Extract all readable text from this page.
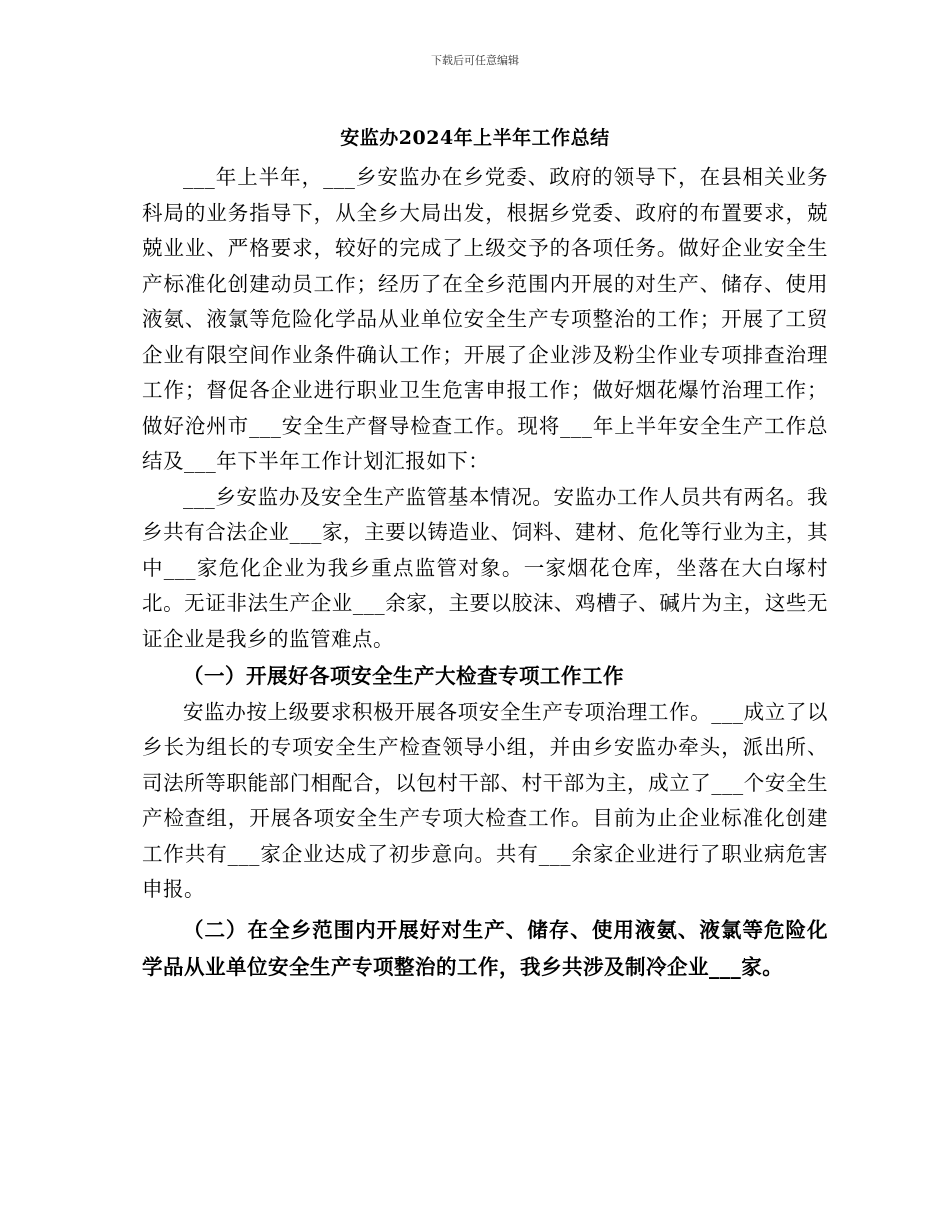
下载后可任意编辑
安监办2024年上半年工作总结

___年上半年，___乡安监办在乡党委、政府的领导下，在县相关业务科局的业务指导下，从全乡大局出发，根据乡党委、政府的布置要求，兢兢业业、严格要求，较好的完成了上级交予的各项任务。做好企业安全生产标准化创建动员工作；经历了在全乡范围内开展的对生产、储存、使用液氨、液氯等危险化学品从业单位安全生产专项整治的工作；开展了工贸企业有限空间作业条件确认工作；开展了企业涉及粉尘作业专项排查治理工作；督促各企业进行职业卫生危害申报工作；做好烟花爆竹治理工作；做好沧州市___安全生产督导检查工作。现将___年上半年安全生产工作总结及___年下半年工作计划汇报如下：

___乡安监办及安全生产监管基本情况。安监办工作人员共有两名。我乡共有合法企业___家，主要以铸造业、饲料、建材、危化等行业为主，其中___家危化企业为我乡重点监管对象。一家烟花仓库，坐落在大白塚村北。无证非法生产企业___余家，主要以胶沫、鸡槽子、碱片为主，这些无证企业是我乡的监管难点。

（一）开展好各项安全生产大检查专项工作工作

安监办按上级要求积极开展各项安全生产专项治理工作。___成立了以乡长为组长的专项安全生产检查领导小组，并由乡安监办牵头，派出所、司法所等职能部门相配合，以包村干部、村干部为主，成立了___个安全生产检查组，开展各项安全生产专项大检查工作。目前为止企业标准化创建工作共有___家企业达成了初步意向。共有___余家企业进行了职业病危害申报。

（二）在全乡范围内开展好对生产、储存、使用液氨、液氯等危险化学品从业单位安全生产专项整治的工作，我乡共涉及制冷企业___家。
